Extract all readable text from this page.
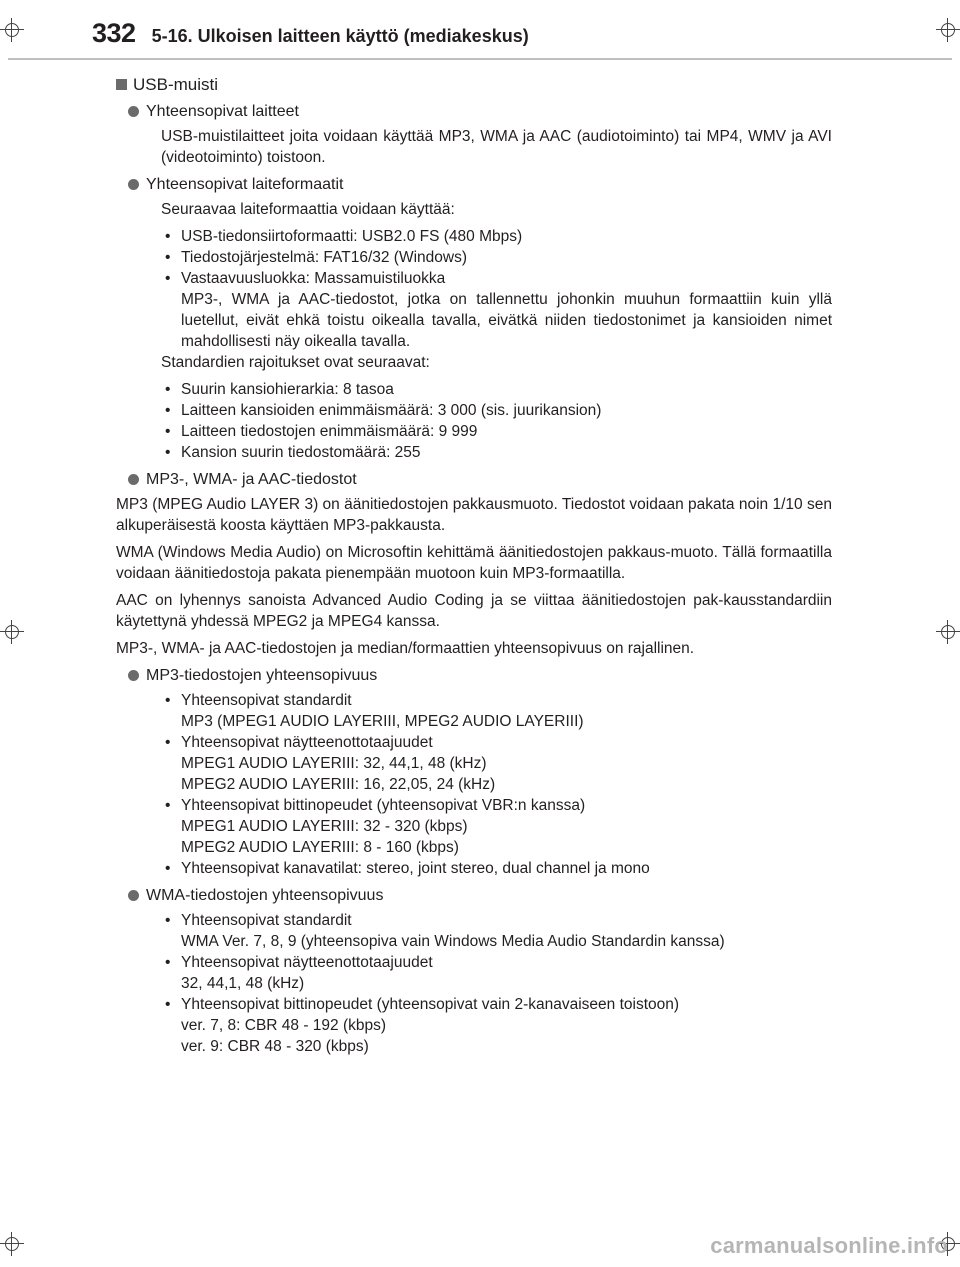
332 5-16. Ulkoisen laitteen käyttö (mediakeskus)
USB-muisti
Yhteensopivat laitteet

USB-muistilaitteet joita voidaan käyttää MP3, WMA ja AAC (audiotoiminto) tai MP4, WMV ja AVI (videotoiminto) toistoon.

Yhteensopivat laiteformaatit

Seuraavaa laiteformaattia voidaan käyttää:

• USB-tiedonsiirtoformaatti: USB2.0 FS (480 Mbps)
• Tiedostojärjestelmä: FAT16/32 (Windows)
• Vastaavuusluokka: Massamuistiluokka
MP3-, WMA ja AAC-tiedostot, jotka on tallennettu johonkin muuhun formaattiin kuin yllä luetellut, eivät ehkä toistu oikealla tavalla, eivätkä niiden tiedostonimet ja kansioiden nimet mahdollisesti näy oikealla tavalla.

Standardien rajoitukset ovat seuraavat:

• Suurin kansiohierarkia: 8 tasoa
• Laitteen kansioiden enimmäismäärä: 3 000 (sis. juurikansion)
• Laitteen tiedostojen enimmäismäärä: 9 999
• Kansion suurin tiedostomäärä: 255
MP3-, WMA- ja AAC-tiedostot

MP3 (MPEG Audio LAYER 3) on äänitiedostojen pakkausmuoto. Tiedostot voidaan pakata noin 1/10 sen alkuperäisestä koosta käyttäen MP3-pakkausta.

WMA (Windows Media Audio) on Microsoftin kehittämä äänitiedostojen pakkaus-muoto. Tällä formaatilla voidaan äänitiedostoja pakata pienempään muotoon kuin MP3-formaatilla.

AAC on lyhennys sanoista Advanced Audio Coding ja se viittaa äänitiedostojen pak-kausstandardiin käytettynä yhdessä MPEG2 ja MPEG4 kanssa.

MP3-, WMA- ja AAC-tiedostojen ja median/formaattien yhteensopivuus on rajallinen.

MP3-tiedostojen yhteensopivuus
• Yhteensopivat standardit
MP3 (MPEG1 AUDIO LAYERIII, MPEG2 AUDIO LAYERIII)
• Yhteensopivat näytteenottotaajuudet
MPEG1 AUDIO LAYERIII: 32, 44,1, 48 (kHz)
MPEG2 AUDIO LAYERIII: 16, 22,05, 24 (kHz)
• Yhteensopivat bittinopeudet (yhteensopivat VBR:n kanssa)
MPEG1 AUDIO LAYERIII: 32 - 320 (kbps)
MPEG2 AUDIO LAYERIII: 8 - 160 (kbps)
• Yhteensopivat kanavatilat: stereo, joint stereo, dual channel ja mono
WMA-tiedostojen yhteensopivuus
• Yhteensopivat standardit
WMA Ver. 7, 8, 9 (yhteensopiva vain Windows Media Audio Standardin kanssa)
• Yhteensopivat näytteenottotaajuudet
32, 44,1, 48 (kHz)
• Yhteensopivat bittinopeudet (yhteensopivat vain 2-kanavaiseen toistoon)
ver. 7, 8: CBR 48 - 192 (kbps)
ver. 9: CBR 48 - 320 (kbps)
carmanualsonline.info
